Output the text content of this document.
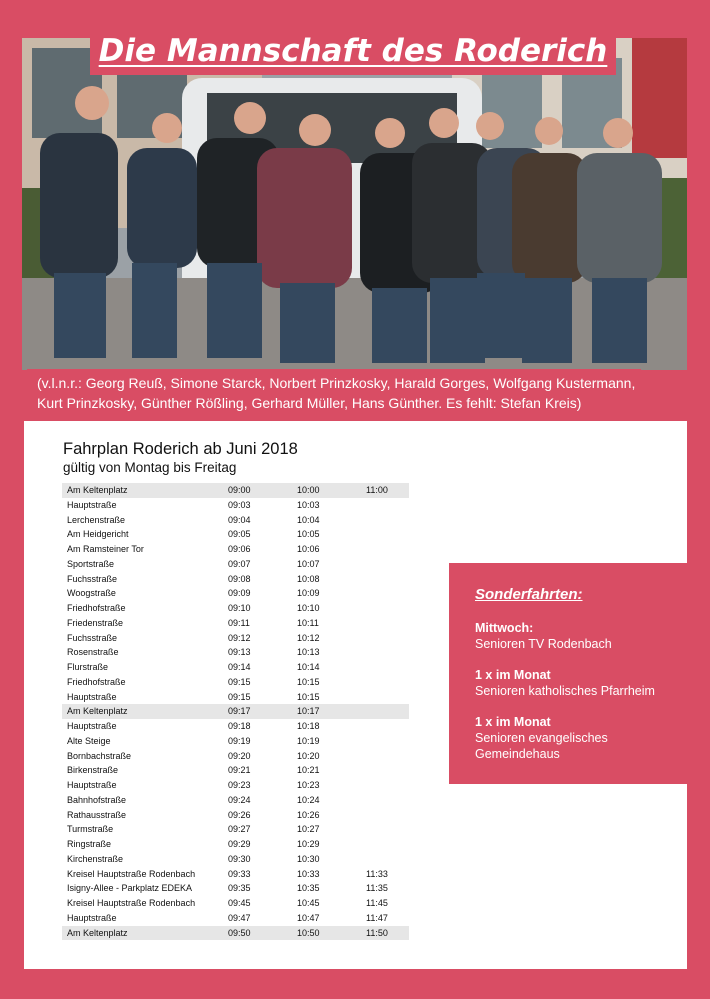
Die Mannschaft des Roderich
(v.l.n.r.: Georg Reuß, Simone Starck, Norbert Prinzkosky, Harald Gorges, Wolfgang Kustermann,
Kurt Prinzkosky, Günther Rößling, Gerhard Müller, Hans Günther. Es fehlt: Stefan Kreis)
Fahrplan Roderich ab Juni 2018
gültig von Montag bis Freitag
Am Keltenplatz	09:00	10:00	11:00
Hauptstraße	09:03	10:03
Lerchenstraße	09:04	10:04
Am Heidgericht	09:05	10:05
Am Ramsteiner Tor	09:06	10:06
Sportstraße	09:07	10:07
Fuchsstraße	09:08	10:08
Woogstraße	09:09	10:09
Friedhofstraße	09:10	10:10
Friedenstraße	09:11	10:11
Fuchsstraße	09:12	10:12
Rosenstraße	09:13	10:13
Flurstraße	09:14	10:14
Friedhofstraße	09:15	10:15
Hauptstraße	09:15	10:15
Am Keltenplatz	09:17	10:17
Hauptstraße	09:18	10:18
Alte Steige	09:19	10:19
Bornbachstraße	09:20	10:20
Birkenstraße	09:21	10:21
Hauptstraße	09:23	10:23
Bahnhofstraße	09:24	10:24
Rathausstraße	09:26	10:26
Turmstraße	09:27	10:27
Ringstraße	09:29	10:29
Kirchenstraße	09:30	10:30
Kreisel Hauptstraße Rodenbach	09:33	10:33	11:33
Isigny-Allee - Parkplatz EDEKA	09:35	10:35	11:35
Kreisel Hauptstraße Rodenbach	09:45	10:45	11:45
Hauptstraße	09:47	10:47	11:47
Am Keltenplatz	09:50	10:50	11:50
Sonderfahrten:
Mittwoch:
Senioren TV Rodenbach
1 x im Monat
Senioren katholisches Pfarrheim
1 x im Monat
Senioren evangelisches
Gemeindehaus
